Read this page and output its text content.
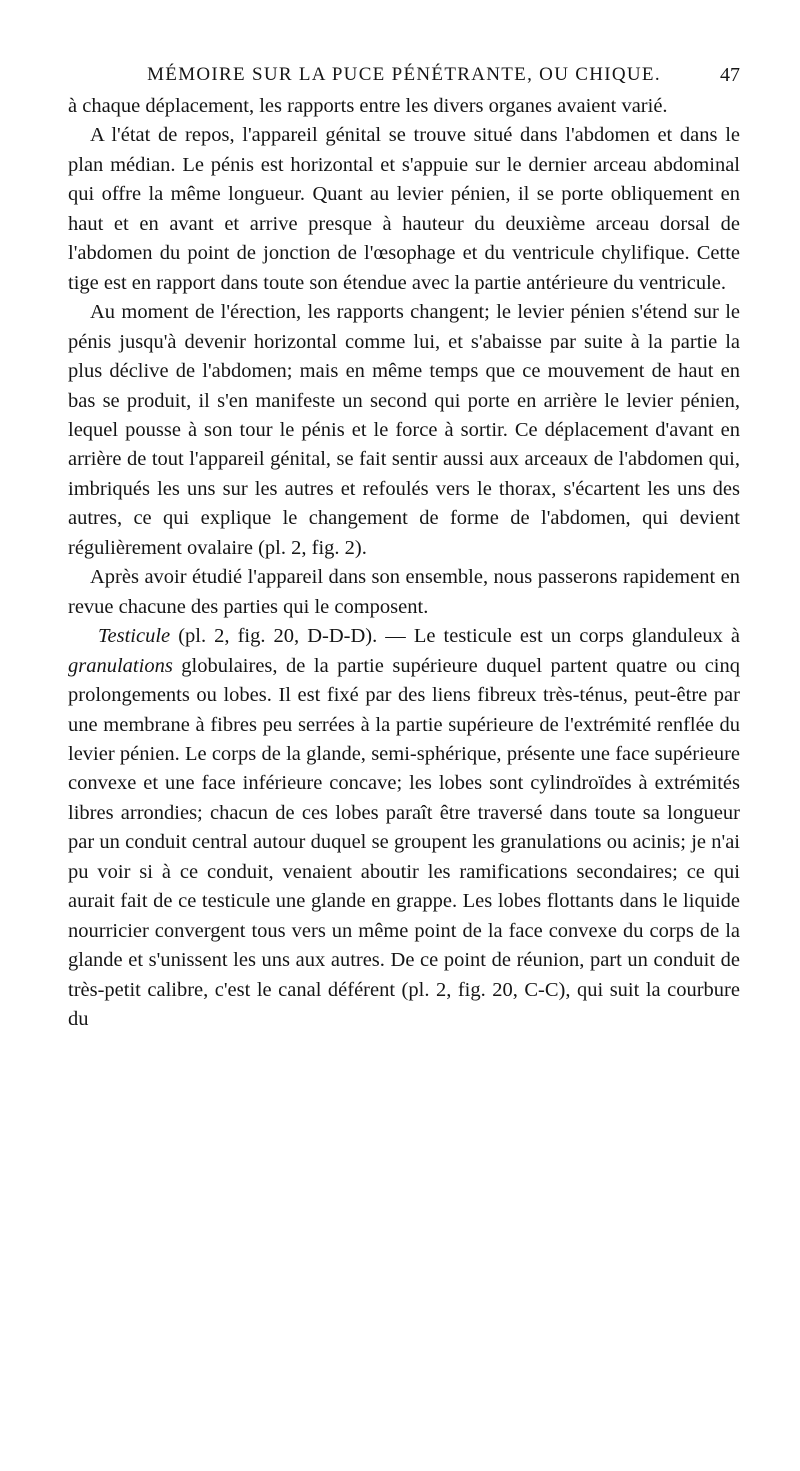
MÉMOIRE SUR LA PUCE PÉNÉTRANTE, OU CHIQUE.	47

à chaque déplacement, les rapports entre les divers organes avaient varié.

A l'état de repos, l'appareil génital se trouve situé dans l'abdomen et dans le plan médian. Le pénis est horizontal et s'appuie sur le dernier arceau abdominal qui offre la même longueur. Quant au levier pénien, il se porte obliquement en haut et en avant et arrive presque à hauteur du deuxième arceau dorsal de l'abdomen du point de jonction de l'œsophage et du ventricule chylifique. Cette tige est en rapport dans toute son étendue avec la partie antérieure du ventricule.

Au moment de l'érection, les rapports changent; le levier pénien s'étend sur le pénis jusqu'à devenir horizontal comme lui, et s'abaisse par suite à la partie la plus déclive de l'abdomen; mais en même temps que ce mouvement de haut en bas se produit, il s'en manifeste un second qui porte en arrière le levier pénien, lequel pousse à son tour le pénis et le force à sortir. Ce déplacement d'avant en arrière de tout l'appareil génital, se fait sentir aussi aux arceaux de l'abdomen qui, imbriqués les uns sur les autres et refoulés vers le thorax, s'écartent les uns des autres, ce qui explique le changement de forme de l'abdomen, qui devient régulièrement ovalaire (pl. 2, fig. 2).

Après avoir étudié l'appareil dans son ensemble, nous passerons rapidement en revue chacune des parties qui le composent.

Testicule (pl. 2, fig. 20, D-D-D). — Le testicule est un corps glanduleux à granulations globulaires, de la partie supérieure duquel partent quatre ou cinq prolongements ou lobes. Il est fixé par des liens fibreux très-ténus, peut-être par une membrane à fibres peu serrées à la partie supérieure de l'extrémité renflée du levier pénien. Le corps de la glande, semi-sphérique, présente une face supérieure convexe et une face inférieure concave; les lobes sont cylindroïdes à extrémités libres arrondies; chacun de ces lobes paraît être traversé dans toute sa longueur par un conduit central autour duquel se groupent les granulations ou acinis; je n'ai pu voir si à ce conduit, venaient aboutir les ramifications secondaires; ce qui aurait fait de ce testicule une glande en grappe. Les lobes flottants dans le liquide nourricier convergent tous vers un même point de la face convexe du corps de la glande et s'unissent les uns aux autres. De ce point de réunion, part un conduit de très-petit calibre, c'est le canal déférent (pl. 2, fig. 20, C-C), qui suit la courbure du
